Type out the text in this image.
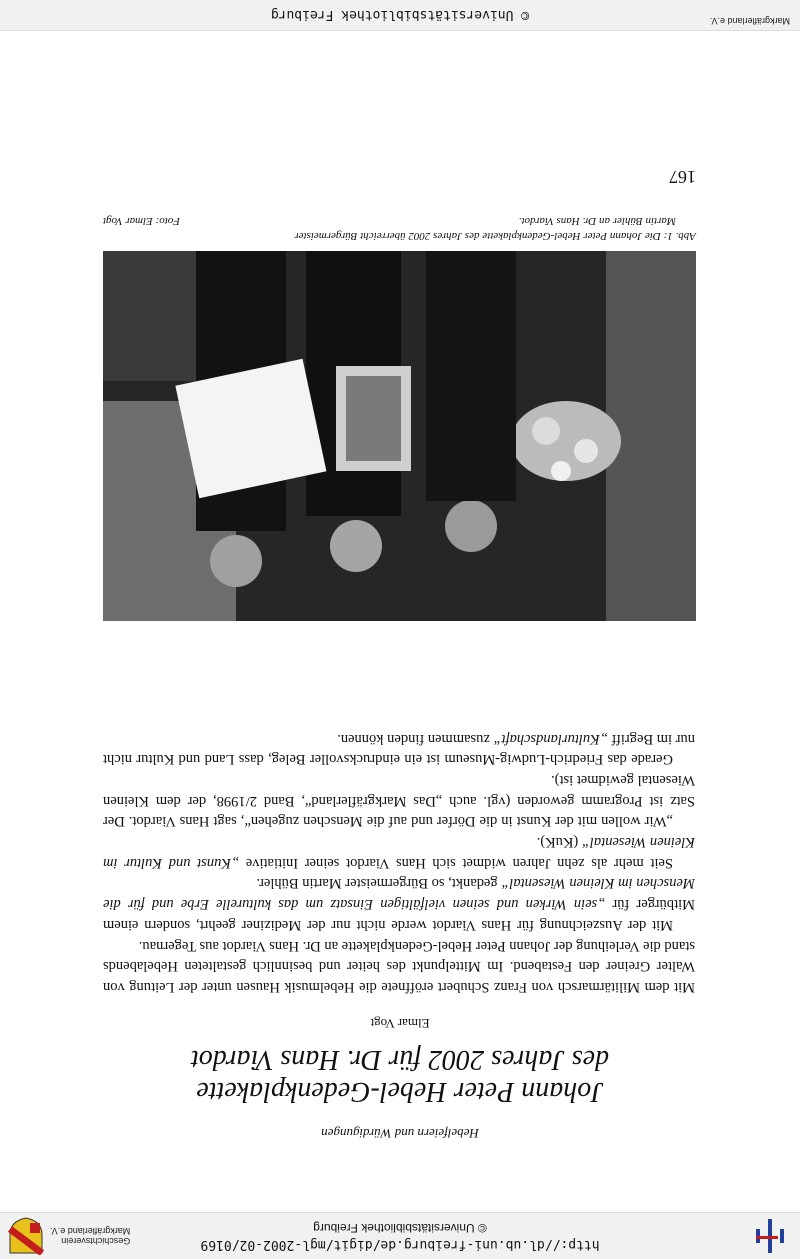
http://dl.ub.uni-freiburg.de/digit/mgl-2002-02/0169
© Universitätsbibliothek Freiburg
Geschichtsverein
Markgräflerland e.V.
Hebelfeiern und Würdigungen
Johann Peter Hebel-Gedenkplakette
des Jahres 2002 für Dr. Hans Viardot
Elmar Vogt

Mit dem Militärmarsch von Franz Schubert eröffnete die Hebelmusik Hausen unter der Leitung von Walter Greiner den Festabend. Im Mittelpunkt des heiter und besinnlich gestalteten Hebelabends stand die Verleihung der Johann Peter Hebel-Gedenkplakette an Dr. Hans Viardot aus Tegernau.

Mit der Auszeichnung für Hans Viardot werde nicht nur der Mediziner geehrt, sondern einem Mitbürger für „sein Wirken und seinen vielfältigen Einsatz um das kulturelle Erbe und für die Menschen im Kleinen Wiesental“ gedankt, so Bürgermeister Martin Bühler.

Seit mehr als zehn Jahren widmet sich Hans Viardot seiner Initiative „Kunst und Kultur im Kleinen Wiesental“ (KuK).

„Wir wollen mit der Kunst in die Dörfer und auf die Menschen zugehen“, sagt Hans Viardot. Der Satz ist Programm geworden (vgl. auch „Das Markgräflerland“, Band 2/1998, der dem Kleinen Wiesental gewidmet ist).

Gerade das Friedrich-Ludwig-Museum ist ein eindrucksvoller Beleg, dass Land und Kultur nicht nur im Begriff „Kulturlandschaft“ zusammen finden können.

Abb. 1: Die Johann Peter Hebel-Gedenkplakette des Jahres 2002 überreicht Bürgermeister
Martin Bühler an Dr. Hans Viardot.
Foto: Elmar Vogt
167
© Universitätsbibliothek Freiburg	Markgräflerland e.V.
